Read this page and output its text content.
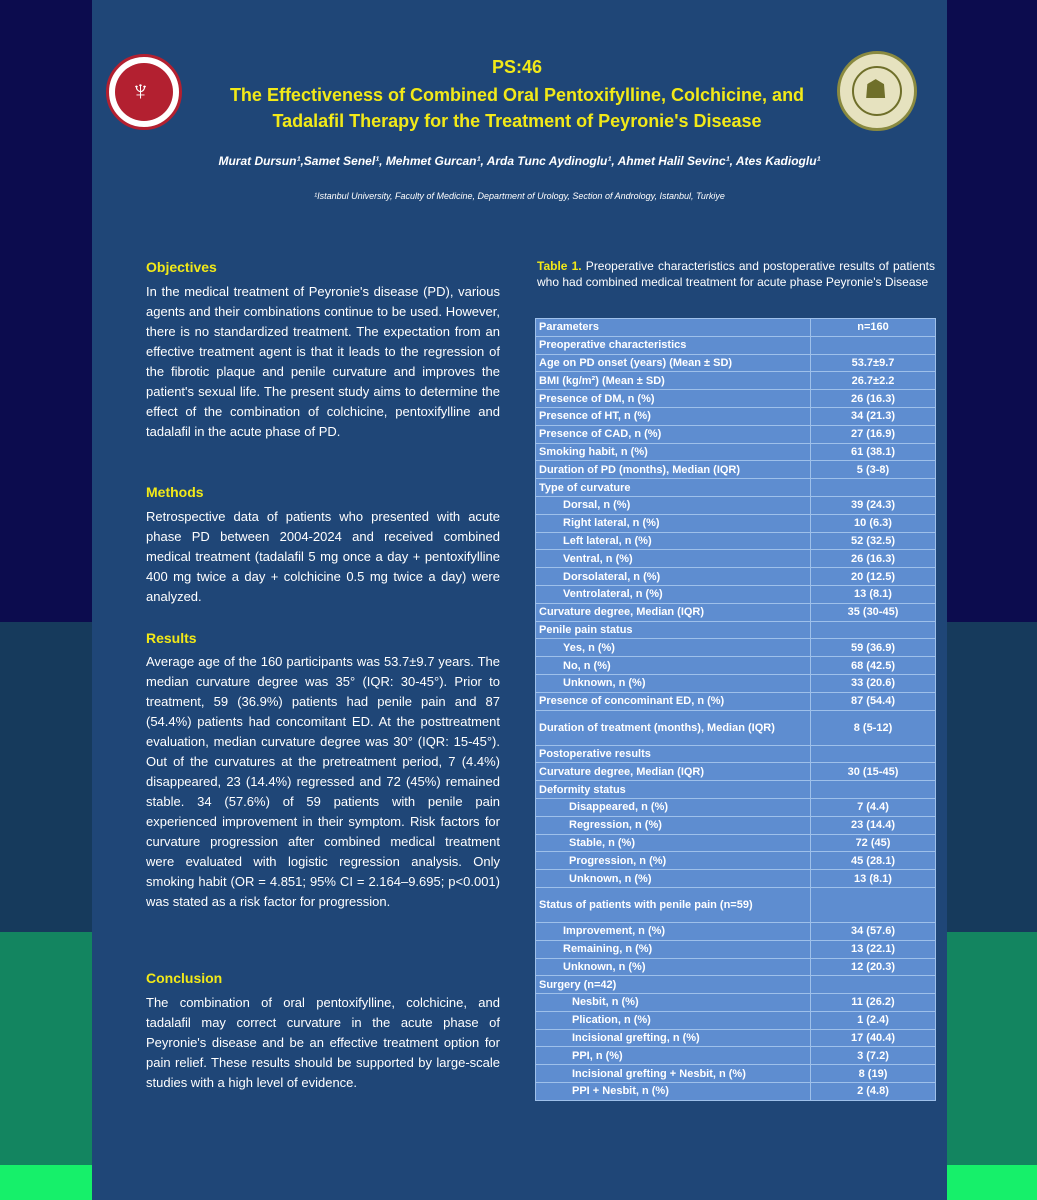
♆	☗
PS:46
The Effectiveness of Combined Oral Pentoxifylline, Colchicine, and
Tadalafil Therapy for the Treatment of Peyronie's Disease
Murat Dursun¹,Samet Senel¹, Mehmet Gurcan¹, Arda Tunc Aydinoglu¹, Ahmet Halil Sevinc¹, Ates Kadioglu¹
¹Istanbul University, Faculty of Medicine, Department of Urology, Section of Andrology, Istanbul, Turkiye
Objectives
In the medical treatment of Peyronie's disease (PD), various agents and their combinations continue to be used. However, there is no standardized treatment. The expectation from an effective treatment agent is that it leads to the regression of the fibrotic plaque and penile curvature and improves the patient's sexual life. The present study aims to determine the effect of the combination of colchicine, pentoxifylline and tadalafil in the acute phase of PD.
Methods
Retrospective data of patients who presented with acute phase PD between 2004-2024 and received combined medical treatment (tadalafil 5 mg once a day + pentoxifylline 400 mg twice a day + colchicine 0.5 mg twice a day) were analyzed.
Results
Average age of the 160 participants was 53.7±9.7 years. The median curvature degree was 35° (IQR: 30-45°). Prior to treatment, 59 (36.9%) patients had penile pain and 87 (54.4%) patients had concomitant ED. At the posttreatment evaluation, median curvature degree was 30° (IQR: 15-45°). Out of the curvatures at the pretreatment period, 7 (4.4%) disappeared, 23 (14.4%) regressed and 72 (45%) remained stable. 34 (57.6%) of 59 patients with penile pain experienced improvement in their symptom. Risk factors for curvature progression after combined medical treatment were evaluated with logistic regression analysis. Only smoking habit (OR = 4.851; 95% CI = 2.164–9.695; p<0.001) was stated as a risk factor for progression.
Conclusion
The combination of oral pentoxifylline, colchicine, and tadalafil may correct curvature in the acute phase of Peyronie's disease and be an effective treatment option for pain relief. These results should be supported by large-scale studies with a high level of evidence.
Table 1. Preoperative characteristics and postoperative results of patients who had combined medical treatment for acute phase Peyronie's Disease
Parameters	n=160
Preoperative characteristics	
Age on PD onset (years) (Mean ± SD)	53.7±9.7
BMI (kg/m²) (Mean ± SD)	26.7±2.2
Presence of DM, n (%)	26 (16.3)
Presence of HT, n (%)	34 (21.3)
Presence of CAD, n (%)	27 (16.9)
Smoking habit, n (%)	61 (38.1)
Duration of PD (months), Median (IQR)	5 (3-8)
Type of curvature	
Dorsal, n (%)	39 (24.3)
Right lateral, n (%)	10 (6.3)
Left lateral, n (%)	52 (32.5)
Ventral, n (%)	26 (16.3)
Dorsolateral, n (%)	20 (12.5)
Ventrolateral, n (%)	13 (8.1)
Curvature degree, Median (IQR)	35 (30-45)
Penile pain status	
Yes, n (%)	59 (36.9)
No, n (%)	68 (42.5)
Unknown, n (%)	33 (20.6)
Presence of concominant ED, n (%)	87 (54.4)
Duration of treatment (months), Median (IQR)	8 (5-12)
Postoperative results	
Curvature degree, Median (IQR)	30 (15-45)
Deformity status	
Disappeared, n (%)	7 (4.4)
Regression, n (%)	23 (14.4)
Stable, n (%)	72 (45)
Progression, n (%)	45 (28.1)
Unknown, n (%)	13 (8.1)
Status of patients with penile pain (n=59)	
Improvement, n (%)	34 (57.6)
Remaining, n (%)	13 (22.1)
Unknown, n (%)	12 (20.3)
Surgery (n=42)	
Nesbit, n (%)	11 (26.2)
Plication, n (%)	1 (2.4)
Incisional grefting, n (%)	17 (40.4)
PPI, n (%)	3 (7.2)
Incisional grefting + Nesbit, n (%)	8 (19)
PPI + Nesbit, n (%)	2 (4.8)
